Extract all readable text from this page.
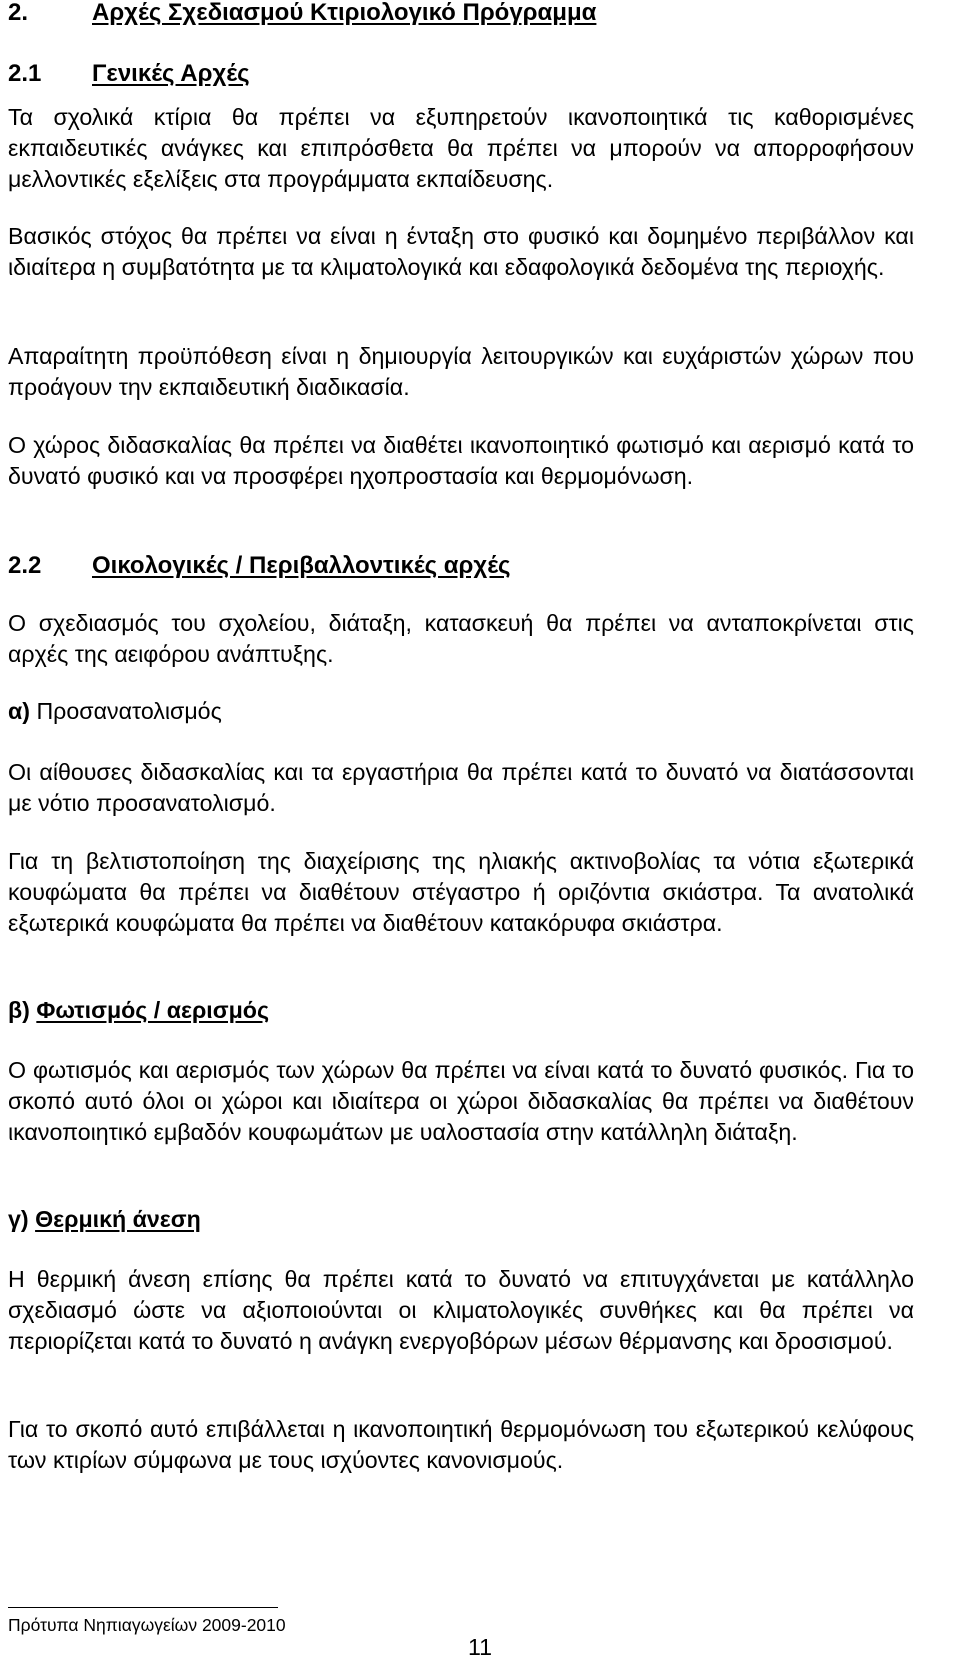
2.	Αρχές Σχεδιασμού Κτιριολογικό Πρόγραμμα
2.1 Γενικές Αρχές

Τα σχολικά κτίρια θα πρέπει να εξυπηρετούν ικανοποιητικά τις καθορισμένες εκπαιδευτικές ανάγκες και επιπρόσθετα θα πρέπει να μπορούν να απορροφήσουν μελλοντικές εξελίξεις στα προγράμματα εκπαίδευσης.

Βασικός στόχος θα πρέπει να είναι η ένταξη στο φυσικό και δομημένο περιβάλλον και ιδιαίτερα η συμβατότητα με τα κλιματολογικά και εδαφολογικά δεδομένα της περιοχής.

Απαραίτητη προϋπόθεση είναι η δημιουργία λειτουργικών και ευχάριστών χώρων που προάγουν την εκπαιδευτική διαδικασία.

Ο χώρος διδασκαλίας θα πρέπει να διαθέτει ικανοποιητικό φωτισμό και αερισμό κατά το δυνατό φυσικό και να προσφέρει ηχοπροστασία και θερμομόνωση.

2.2 Οικολογικές / Περιβαλλοντικές αρχές

Ο σχεδιασμός του σχολείου, διάταξη, κατασκευή θα πρέπει να ανταποκρίνεται στις αρχές της αειφόρου ανάπτυξης.

α) Προσανατολισμός

Οι αίθουσες διδασκαλίας και τα εργαστήρια θα πρέπει κατά το δυνατό να διατάσσονται με νότιο προσανατολισμό.

Για τη βελτιστοποίηση της διαχείρισης της ηλιακής ακτινοβολίας τα νότια εξωτερικά κουφώματα θα πρέπει να διαθέτουν στέγαστρο ή οριζόντια σκιάστρα. Τα ανατολικά εξωτερικά κουφώματα θα πρέπει να διαθέτουν κατακόρυφα σκιάστρα.

β) Φωτισμός / αερισμός

Ο φωτισμός και αερισμός των χώρων θα πρέπει να είναι κατά το δυνατό φυσικός. Για το σκοπό αυτό όλοι οι χώροι και ιδιαίτερα οι χώροι διδασκαλίας θα πρέπει να διαθέτουν ικανοποιητικό εμβαδόν κουφωμάτων με υαλοστασία στην κατάλληλη διάταξη.

γ) Θερμική άνεση

Η θερμική άνεση επίσης θα πρέπει κατά το δυνατό να επιτυγχάνεται με κατάλληλο σχεδιασμό ώστε να αξιοποιούνται οι κλιματολογικές συνθήκες και θα πρέπει να περιορίζεται κατά το δυνατό η ανάγκη ενεργοβόρων μέσων θέρμανσης και δροσισμού.

Για το σκοπό αυτό επιβάλλεται η ικανοποιητική θερμομόνωση του εξωτερικού κελύφους των κτιρίων σύμφωνα με τους ισχύοντες κανονισμούς.

Πρότυπα Νηπιαγωγείων 2009-2010
11
